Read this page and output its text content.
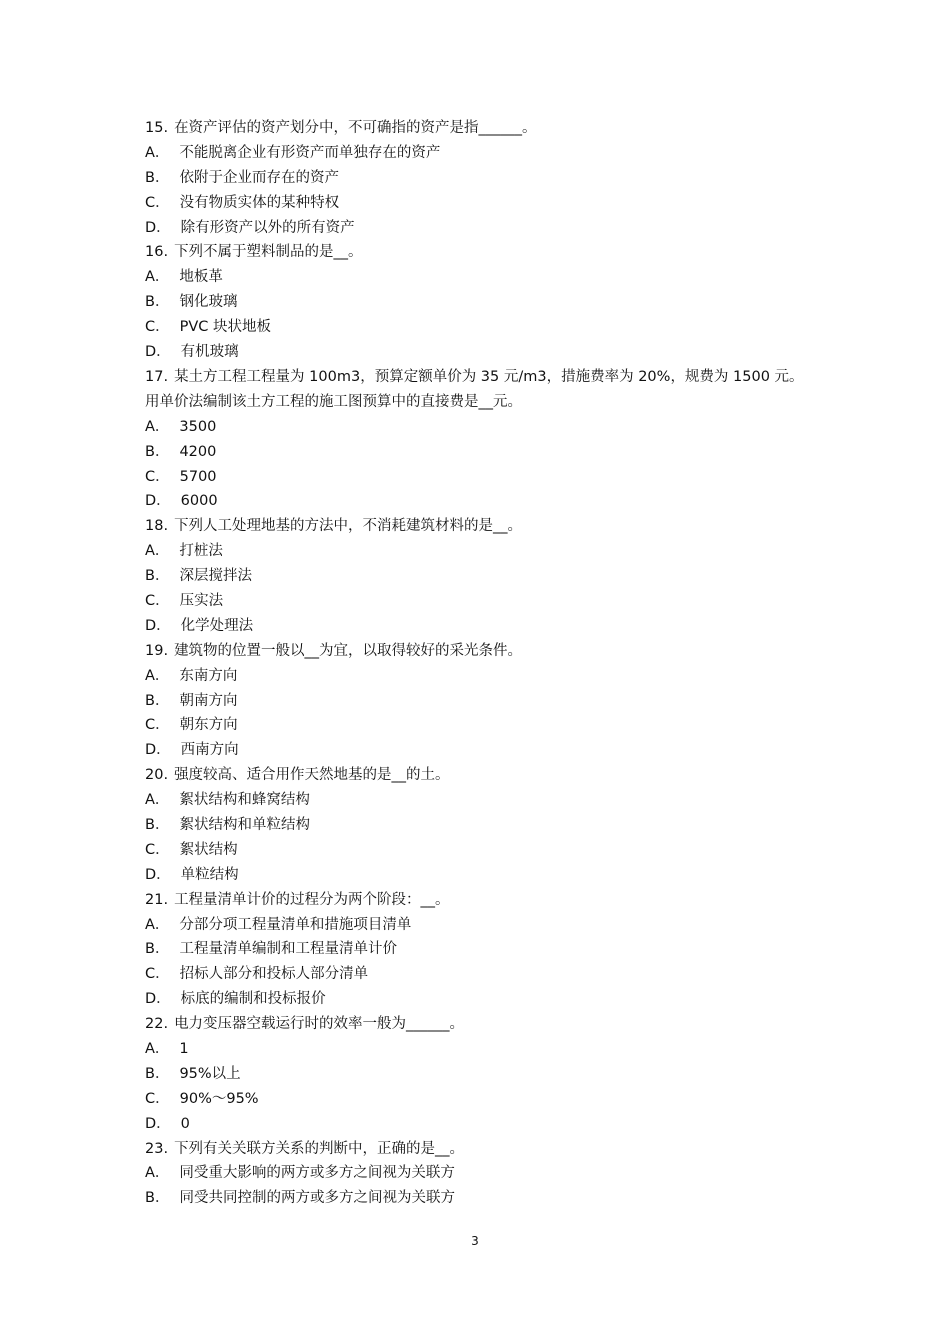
15. 在资产评估的资产划分中，不可确指的资产是指______。
A． 不能脱离企业有形资产而单独存在的资产
B． 依附于企业而存在的资产
C． 没有物质实体的某种特权
D． 除有形资产以外的所有资产
16. 下列不属于塑料制品的是__。
A． 地板革
B． 钢化玻璃
C． PVC 块状地板
D． 有机玻璃
17. 某土方工程工程量为 100m3，预算定额单价为 35 元/m3，措施费率为 20%，规费为 1500 元。用单价法编制该土方工程的施工图预算中的直接费是__元。
A． 3500
B． 4200
C． 5700
D． 6000
18. 下列人工处理地基的方法中，不消耗建筑材料的是__。
A． 打桩法
B． 深层搅拌法
C． 压实法
D． 化学处理法
19. 建筑物的位置一般以__为宜，以取得较好的采光条件。
A． 东南方向
B． 朝南方向
C． 朝东方向
D． 西南方向
20. 强度较高、适合用作天然地基的是__的土。
A． 絮状结构和蜂窝结构
B． 絮状结构和单粒结构
C． 絮状结构
D． 单粒结构
21. 工程量清单计价的过程分为两个阶段：__。
A． 分部分项工程量清单和措施项目清单
B． 工程量清单编制和工程量清单计价
C． 招标人部分和投标人部分清单
D． 标底的编制和投标报价
22. 电力变压器空载运行时的效率一般为______。
A． 1
B． 95%以上
C． 90%～95%
D． 0
23. 下列有关关联方关系的判断中，正确的是__。
A． 同受重大影响的两方或多方之间视为关联方
B． 同受共同控制的两方或多方之间视为关联方
3
